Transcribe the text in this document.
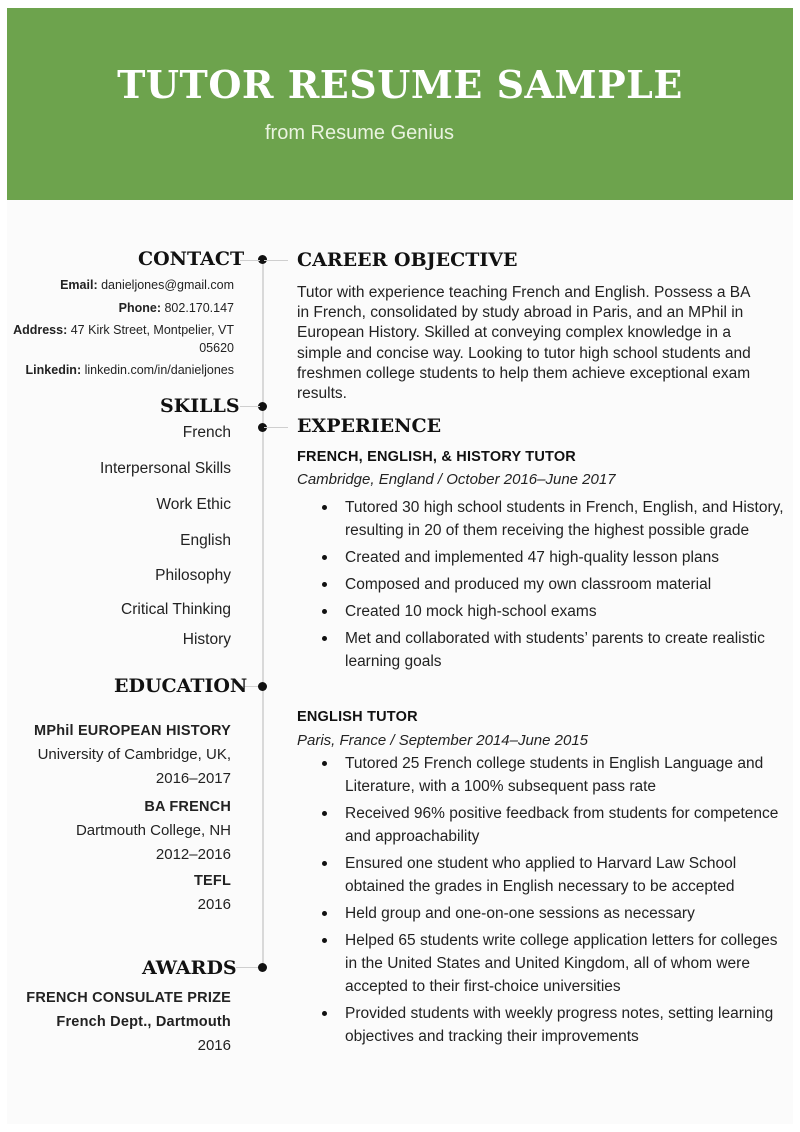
TUTOR RESUME SAMPLE
from Resume Genius
CONTACT
Email: danieljones@gmail.com
Phone: 802.170.147
Address: 47 Kirk Street, Montpelier, VT
05620
Linkedin: linkedin.com/in/danieljones
SKILLS
French
Interpersonal Skills
Work Ethic
English
Philosophy
Critical Thinking
History
EDUCATION
MPhil EUROPEAN HISTORY
University of Cambridge, UK,
2016–2017
BA FRENCH
Dartmouth College, NH
2012–2016
TEFL
2016
AWARDS
FRENCH CONSULATE PRIZE
French Dept., Dartmouth
2016
CAREER OBJECTIVE
Tutor with experience teaching French and English. Possess a BA in French, consolidated by study abroad in Paris, and an MPhil in European History. Skilled at conveying complex knowledge in a simple and concise way. Looking to tutor high school students and freshmen college students to help them achieve exceptional exam results.
EXPERIENCE
FRENCH, ENGLISH, & HISTORY TUTOR
Cambridge, England / October 2016–June 2017
Tutored 30 high school students in French, English, and History, resulting in 20 of them receiving the highest possible grade
Created and implemented 47 high-quality lesson plans
Composed and produced my own classroom material
Created 10 mock high-school exams
Met and collaborated with students’ parents to create realistic learning goals
ENGLISH TUTOR
Paris, France / September 2014–June 2015
Tutored 25 French college students in English Language and Literature, with a 100% subsequent pass rate
Received 96% positive feedback from students for competence and approachability
Ensured one student who applied to Harvard Law School obtained the grades in English necessary to be accepted
Held group and one-on-one sessions as necessary
Helped 65 students write college application letters for colleges in the United States and United Kingdom, all of whom were accepted to their first-choice universities
Provided students with weekly progress notes, setting learning objectives and tracking their improvements
